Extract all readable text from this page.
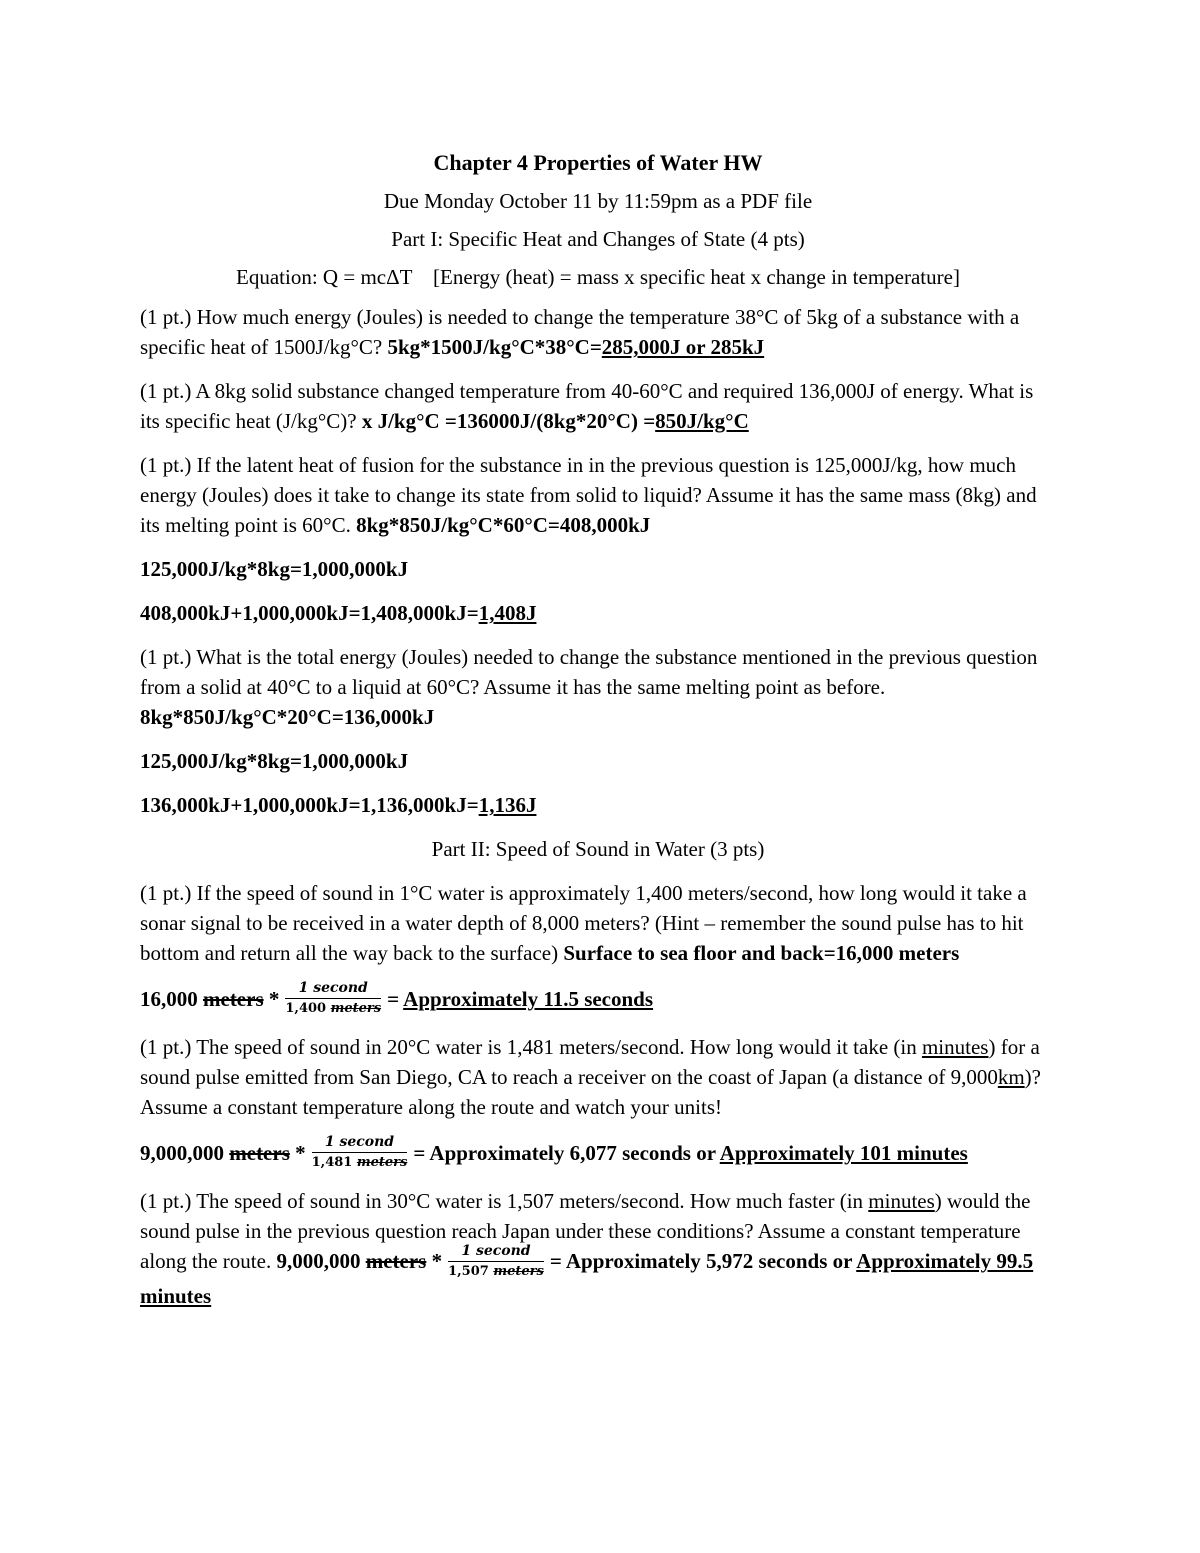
Chapter 4 Properties of Water HW
Due Monday October 11 by 11:59pm as a PDF file
Part I: Specific Heat and Changes of State (4 pts)
Equation: Q = mcΔT    [Energy (heat) = mass x specific heat x change in temperature]

(1 pt.) How much energy (Joules) is needed to change the temperature 38°C of 5kg of a substance with a specific heat of 1500J/kg°C? 5kg*1500J/kg°C*38°C=285,000J or 285kJ

(1 pt.) A 8kg solid substance changed temperature from 40-60°C and required 136,000J of energy. What is its specific heat (J/kg°C)? x J/kg°C =136000J/(8kg*20°C) =850J/kg°C

(1 pt.) If the latent heat of fusion for the substance in in the previous question is 125,000J/kg, how much energy (Joules) does it take to change its state from solid to liquid? Assume it has the same mass (8kg) and its melting point is 60°C. 8kg*850J/kg°C*60°C=408,000kJ

125,000J/kg*8kg=1,000,000kJ

408,000kJ+1,000,000kJ=1,408,000kJ=1,408J

(1 pt.) What is the total energy (Joules) needed to change the substance mentioned in the previous question from a solid at 40°C to a liquid at 60°C? Assume it has the same melting point as before. 8kg*850J/kg°C*20°C=136,000kJ

125,000J/kg*8kg=1,000,000kJ

136,000kJ+1,000,000kJ=1,136,000kJ=1,136J

Part II: Speed of Sound in Water (3 pts)

(1 pt.) If the speed of sound in 1°C water is approximately 1,400 meters/second, how long would it take a sonar signal to be received in a water depth of 8,000 meters? (Hint – remember the sound pulse has to hit bottom and return all the way back to the surface) Surface to sea floor and back=16,000 meters

16,000 meters * $\frac{\text{1 second}}{\text{1,400 meters}}$ = Approximately 11.5 seconds

(1 pt.) The speed of sound in 20°C water is 1,481 meters/second. How long would it take (in minutes) for a sound pulse emitted from San Diego, CA to reach a receiver on the coast of Japan (a distance of 9,000km)? Assume a constant temperature along the route and watch your units!

9,000,000 meters * $\frac{\text{1 second}}{\text{1,481 meters}}$ = Approximately 6,077 seconds or Approximately 101 minutes

(1 pt.) The speed of sound in 30°C water is 1,507 meters/second. How much faster (in minutes) would the sound pulse in the previous question reach Japan under these conditions? Assume a constant temperature along the route. 9,000,000 meters * $\frac{\text{1 second}}{\text{1,507 meters}}$ = Approximately 5,972 seconds or Approximately 99.5 minutes
